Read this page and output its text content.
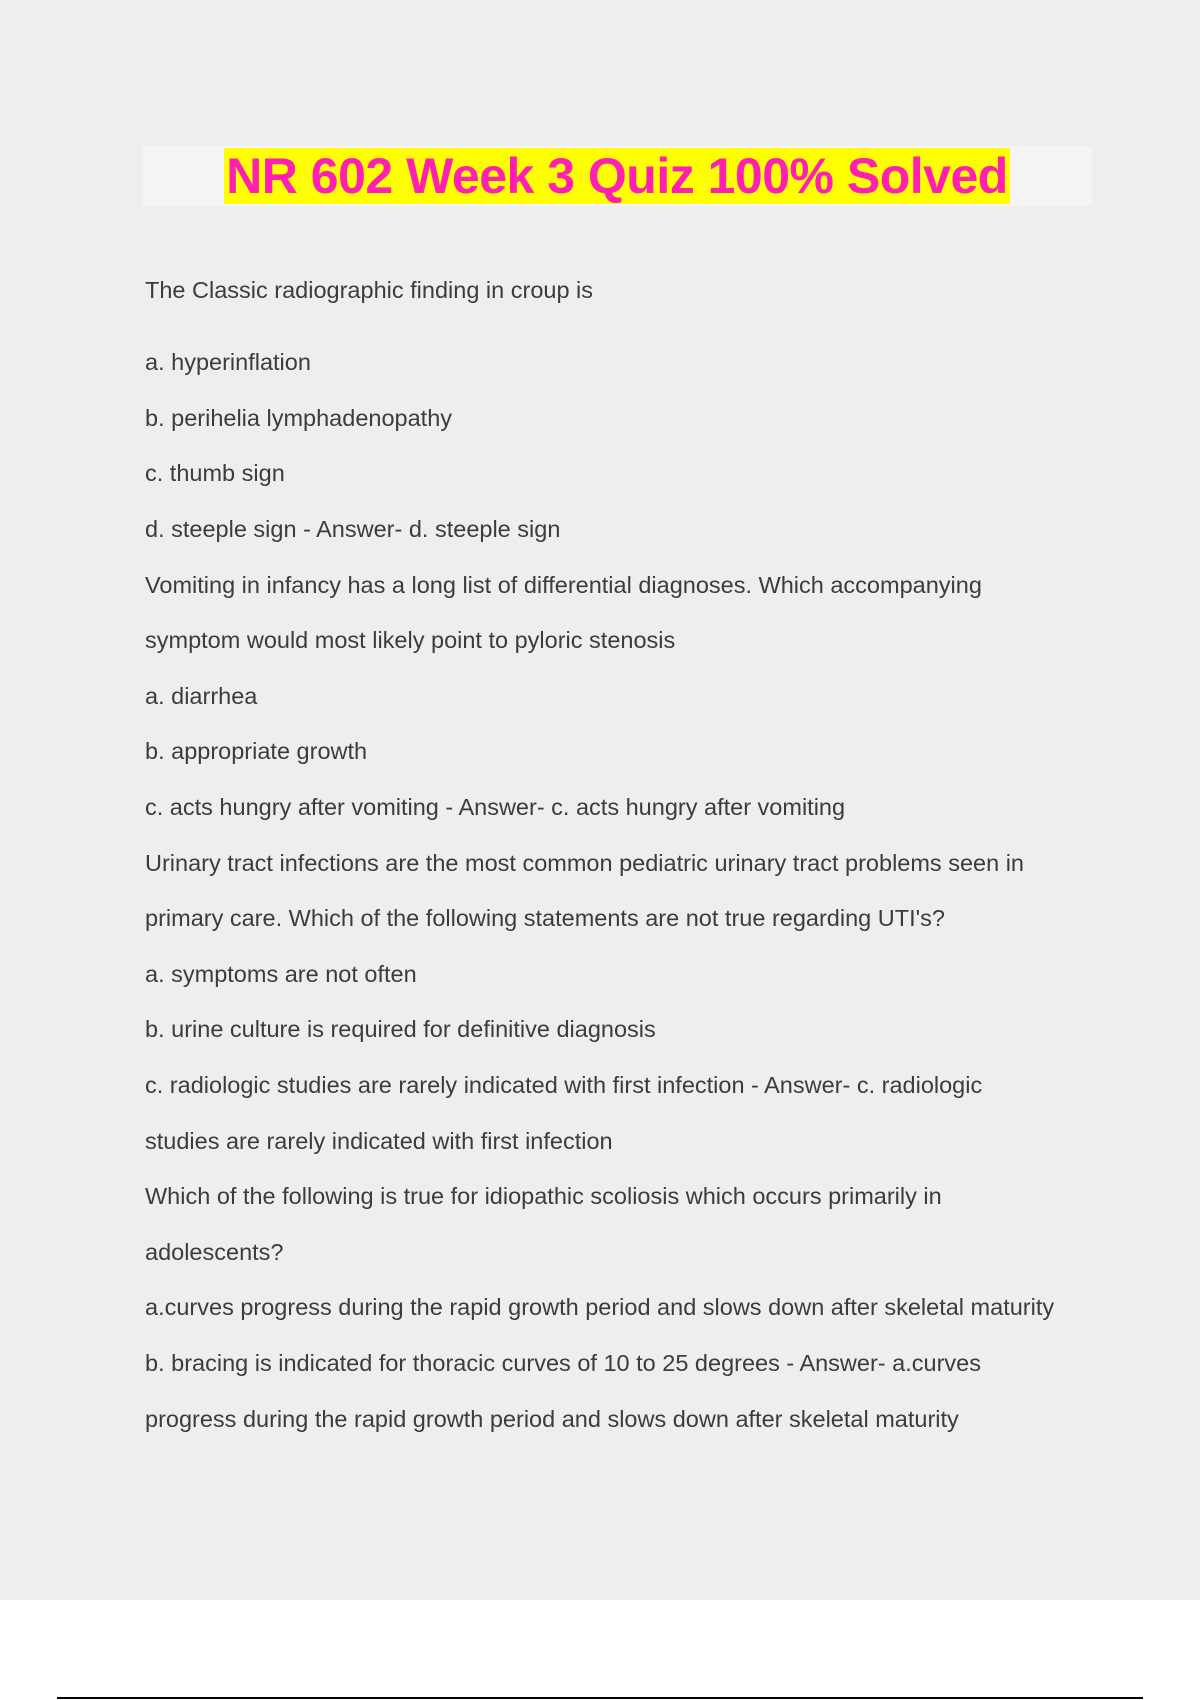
NR 602 Week 3 Quiz 100% Solved
The Classic radiographic finding in croup is
a. hyperinflation
b. perihelia lymphadenopathy
c. thumb sign
d. steeple sign - Answer- d. steeple sign
Vomiting in infancy has a long list of differential diagnoses. Which accompanying
symptom would most likely point to pyloric stenosis
a. diarrhea
b. appropriate growth
c. acts hungry after vomiting - Answer- c. acts hungry after vomiting
Urinary tract infections are the most common pediatric urinary tract problems seen in
primary care. Which of the following statements are not true regarding UTI's?
a. symptoms are not often
b. urine culture is required for definitive diagnosis
c. radiologic studies are rarely indicated with first infection - Answer- c. radiologic
studies are rarely indicated with first infection
Which of the following is true for idiopathic scoliosis which occurs primarily in
adolescents?
a.curves progress during the rapid growth period and slows down after skeletal maturity
b. bracing is indicated for thoracic curves of 10 to 25 degrees - Answer- a.curves
progress during the rapid growth period and slows down after skeletal maturity
